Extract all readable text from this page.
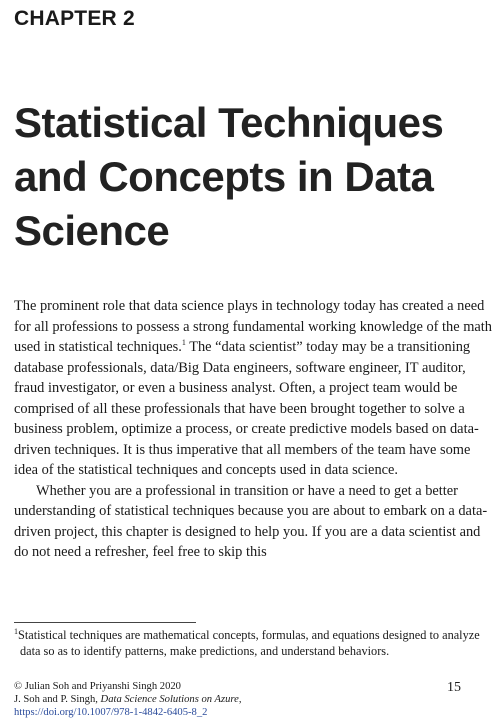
CHAPTER 2
Statistical Techniques
and Concepts in Data
Science

The prominent role that data science plays in technology today has created a need for all professions to possess a strong fundamental working knowledge of the math used in statistical techniques.$^1$ The “data scientist” today may be a transitioning database professionals, data/Big Data engineers, software engineer, IT auditor, fraud investigator, or even a business analyst. Often, a project team would be comprised of all these professionals that have been brought together to solve a business problem, optimize a process, or create predictive models based on data-driven techniques. It is thus imperative that all members of the team have some idea of the statistical techniques and concepts used in data science.

Whether you are a professional in transition or have a need to get a better understanding of statistical techniques because you are about to embark on a data-driven project, this chapter is designed to help you. If you are a data scientist and do not need a refresher, feel free to skip this

$^1$Statistical techniques are mathematical concepts, formulas, and equations designed to analyze data so as to identify patterns, make predictions, and understand behaviors.

© Julian Soh and Priyanshi Singh 2020
J. Soh and P. Singh, Data Science Solutions on Azure,
https://doi.org/10.1007/978-1-4842-6405-8_2
15
